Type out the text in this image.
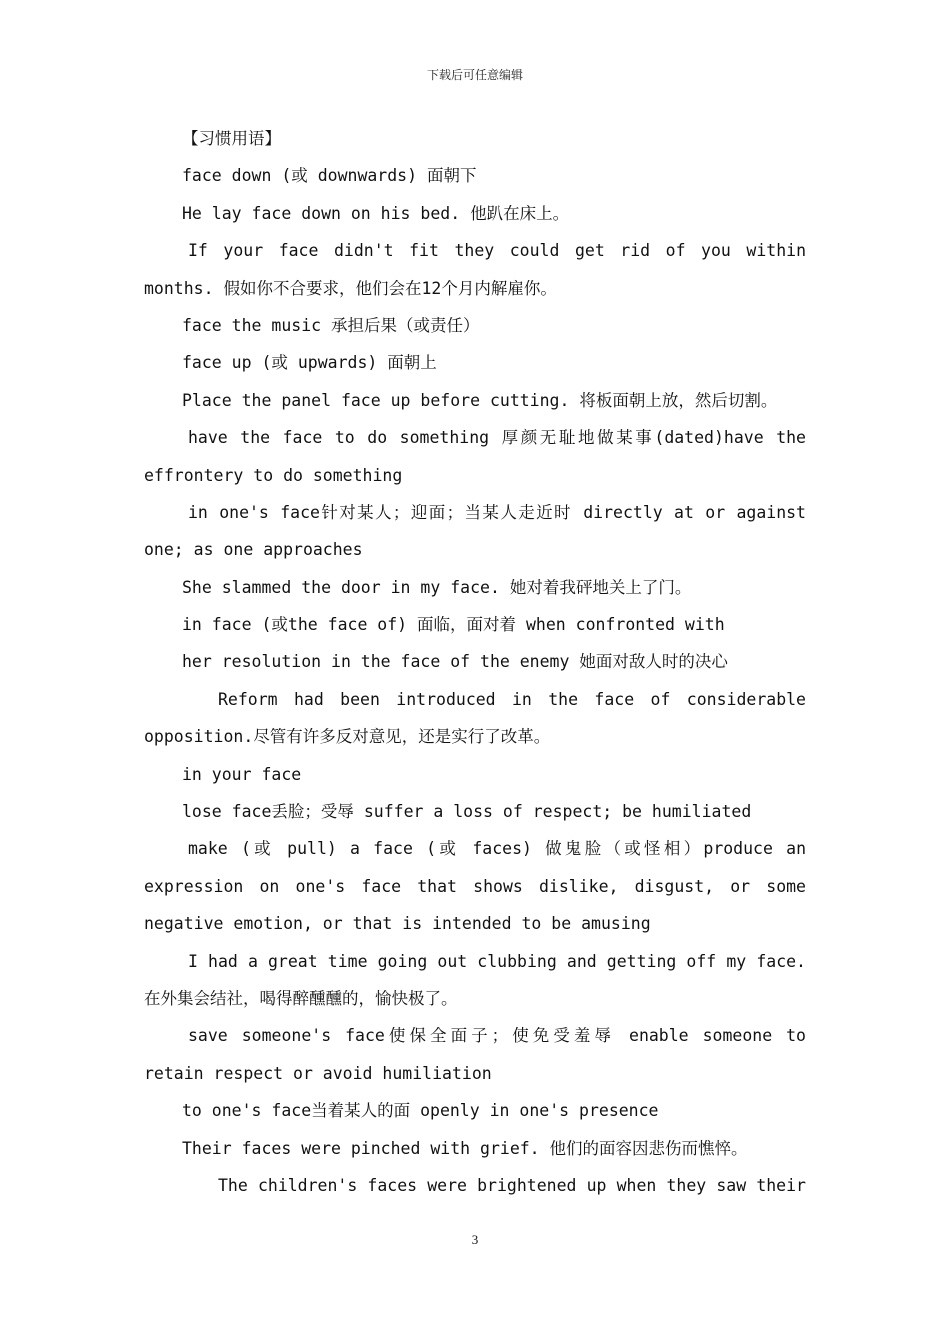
下载后可任意编辑
【习惯用语】
face down (或 downwards) 面朝下
He lay face down on his bed. 他趴在床上。
If your face didn't fit they could get rid of you within
months. 假如你不合要求，他们会在12个月内解雇你。
face the music 承担后果（或责任）
face up (或 upwards) 面朝上
Place the panel face up before cutting. 将板面朝上放，然后切割。
have the face to do something 厚颜无耻地做某事(dated)have the
effrontery to do something
in one's face针对某人；迎面；当某人走近时 directly at or against
one; as one approaches
She slammed the door in my face. 她对着我砰地关上了门。
in face (或the face of) 面临，面对着 when confronted with
her resolution in the face of the enemy 她面对敌人时的决心
Reform had been introduced in the face of considerable
opposition.尽管有许多反对意见，还是实行了改革。
in your face
lose face丢脸；受辱 suffer a loss of respect; be humiliated
make (或 pull) a face (或 faces) 做鬼脸（或怪相）produce an
expression on one's face that shows dislike, disgust, or some
negative emotion, or that is intended to be amusing
I had a great time going out clubbing and getting off my face.
在外集会结社，喝得醉醺醺的，愉快极了。
save someone's face使保全面子；使免受羞辱 enable someone to
retain respect or avoid humiliation
to one's face当着某人的面 openly in one's presence
Their faces were pinched with grief. 他们的面容因悲伤而憔悴。
The children's faces were brightened up when they saw their
3
